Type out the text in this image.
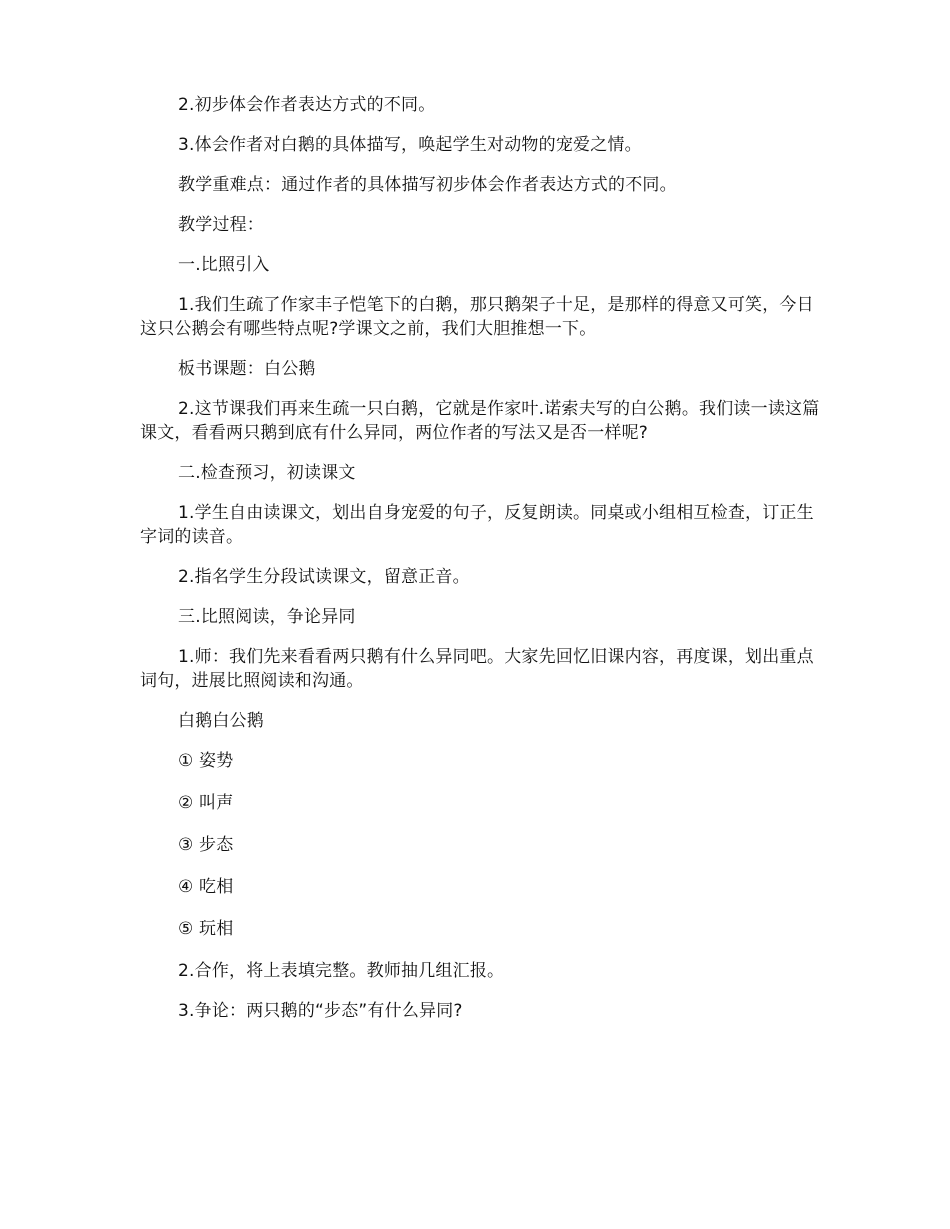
2.初步体会作者表达方式的不同。

3.体会作者对白鹅的具体描写，唤起学生对动物的宠爱之情。

教学重难点：通过作者的具体描写初步体会作者表达方式的不同。

教学过程：

一.比照引入

1.我们生疏了作家丰子恺笔下的白鹅，那只鹅架子十足，是那样的得意又可笑，今日这只公鹅会有哪些特点呢?学课文之前，我们大胆推想一下。

板书课题：白公鹅

2.这节课我们再来生疏一只白鹅，它就是作家叶.诺索夫写的白公鹅。我们读一读这篇课文，看看两只鹅到底有什么异同，两位作者的写法又是否一样呢?

二.检查预习，初读课文

1.学生自由读课文，划出自身宠爱的句子，反复朗读。同桌或小组相互检查，订正生字词的读音。

2.指名学生分段试读课文，留意正音。

三.比照阅读，争论异同

1.师：我们先来看看两只鹅有什么异同吧。大家先回忆旧课内容，再度课，划出重点词句，进展比照阅读和沟通。

白鹅白公鹅

① 姿势

② 叫声

③ 步态

④ 吃相

⑤ 玩相

2.合作，将上表填完整。教师抽几组汇报。

3.争论：两只鹅的“步态”有什么异同?
